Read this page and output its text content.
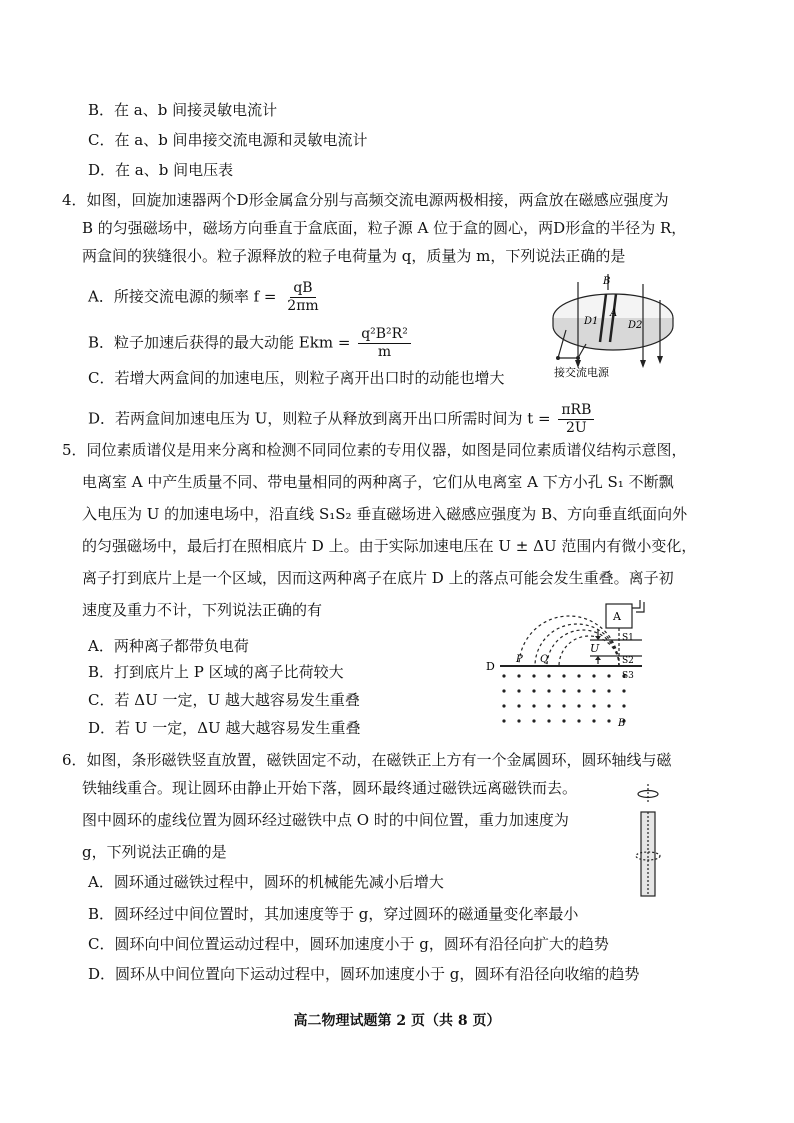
B．在 a、b 间接灵敏电流计
C．在 a、b 间串接交流电源和灵敏电流计
D．在 a、b 间电压表
4．如图，回旋加速器两个D形金属盒分别与高频交流电源两极相接，两盒放在磁感应强度为
B 的匀强磁场中，磁场方向垂直于盒底面，粒子源 A 位于盒的圆心，两D形盒的半径为 R，
两盒间的狭缝很小。粒子源释放的粒子电荷量为 q，质量为 m，下列说法正确的是
A．所接交流电源的频率 $f = \frac{qB}{2\pi m}$
B．粒子加速后获得的最大动能 Ekm = $\frac{\text{q²B²R²}}{m}$
C．若增大两盒间的加速电压，则粒子离开出口时的动能也增大
D．若两盒间加速电压为 U，则粒子从释放到离开出口所需时间为 $t = \frac{\text{πRB}}{2U}$
B
A
D1	D2
接交流电源
5．同位素质谱仪是用来分离和检测不同同位素的专用仪器，如图是同位素质谱仪结构示意图，
电离室 A 中产生质量不同、带电量相同的两种离子，它们从电离室 A 下方小孔 S₁ 不断飘
入电压为 U 的加速电场中，沿直线 S₁S₂ 垂直磁场进入磁感应强度为 B、方向垂直纸面向外
的匀强磁场中，最后打在照相底片 D 上。由于实际加速电压在 U ± ΔU 范围内有微小变化，
离子打到底片上是一个区域，因而这两种离子在底片 D 上的落点可能会发生重叠。离子初
速度及重力不计，下列说法正确的有
A．两种离子都带负电荷
B．打到底片上 P 区域的离子比荷较大
C．若 ΔU 一定，U 越大越容易发生重叠
D．若 U 一定，ΔU 越大越容易发生重叠
A
U
S1
S2
S3
D
P Q
B
6．如图，条形磁铁竖直放置，磁铁固定不动，在磁铁正上方有一个金属圆环，圆环轴线与磁
铁轴线重合。现让圆环由静止开始下落，圆环最终通过磁铁远离磁铁而去。
图中圆环的虚线位置为圆环经过磁铁中点 O 时的中间位置，重力加速度为
g，下列说法正确的是
A．圆环通过磁铁过程中，圆环的机械能先减小后增大
B．圆环经过中间位置时，其加速度等于 g，穿过圆环的磁通量变化率最小
C．圆环向中间位置运动过程中，圆环加速度小于 g，圆环有沿径向扩大的趋势
D．圆环从中间位置向下运动过程中，圆环加速度小于 g，圆环有沿径向收缩的趋势
高二物理试题第 2 页（共 8 页）
